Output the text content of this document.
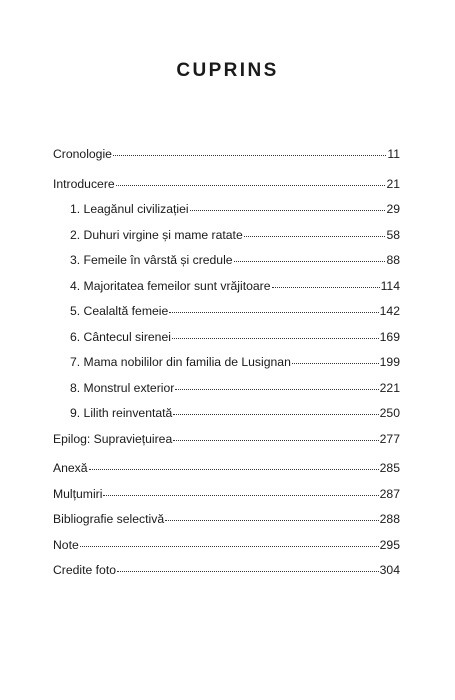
CUPRINS
Cronologie	11
Introducere	21
1. Leagănul civilizației	29
2. Duhuri virgine și mame ratate	58
3. Femeile în vârstă și credule	88
4. Majoritatea femeilor sunt vrăjitoare	114
5. Cealaltă femeie	142
6. Cântecul sirenei	169
7. Mama nobililor din familia de Lusignan	199
8. Monstrul exterior	221
9. Lilith reinventată	250
Epilog: Supraviețuirea	277
Anexă	285
Mulțumiri	287
Bibliografie selectivă	288
Note	295
Credite foto	304
